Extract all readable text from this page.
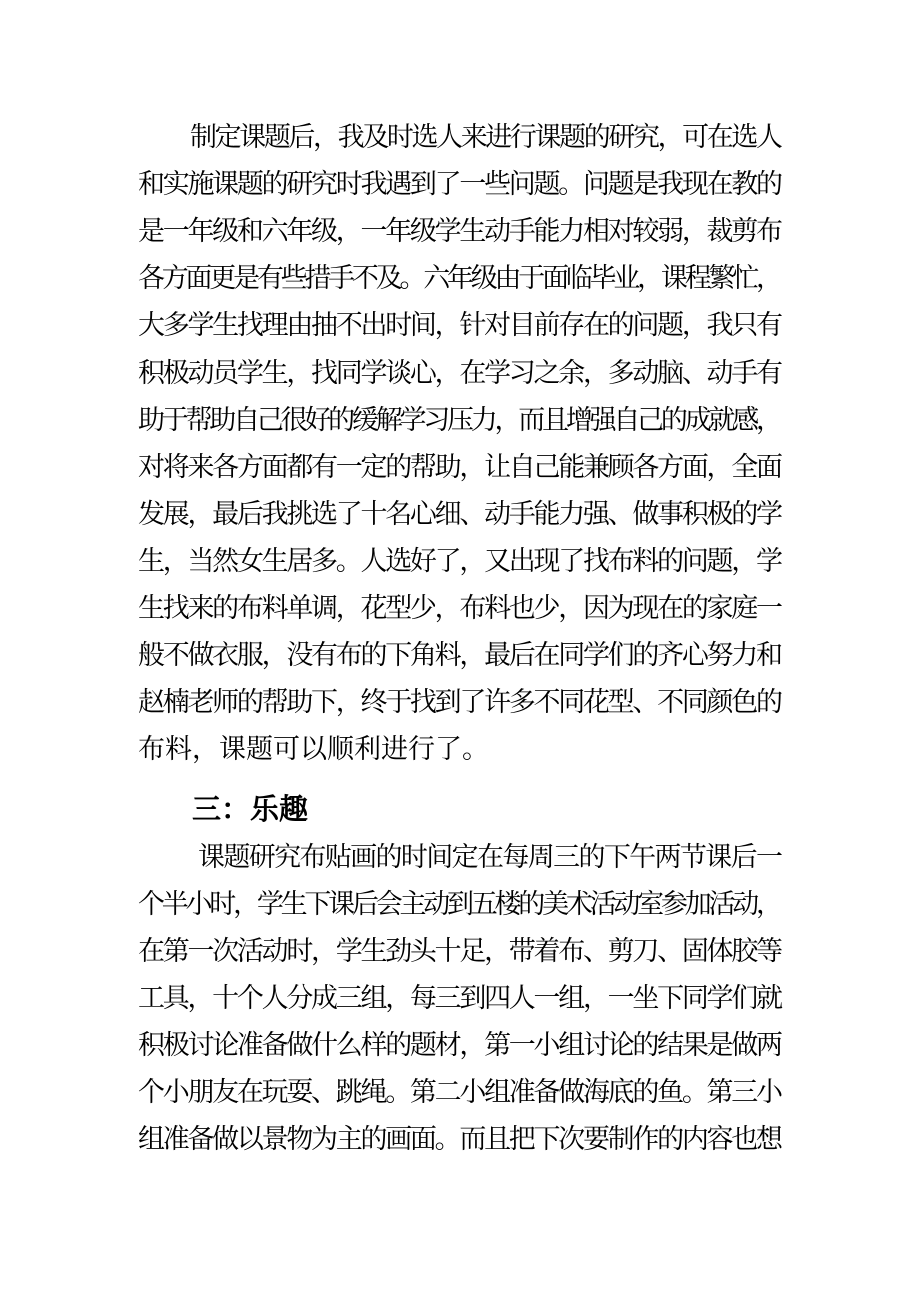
制定课题后，我及时选人来进行课题的研究，可在选人
和实施课题的研究时我遇到了一些问题。问题是我现在教的
是一年级和六年级，一年级学生动手能力相对较弱，裁剪布
各方面更是有些措手不及。六年级由于面临毕业，课程繁忙，
大多学生找理由抽不出时间，针对目前存在的问题，我只有
积极动员学生，找同学谈心，在学习之余，多动脑、动手有
助于帮助自己很好的缓解学习压力，而且增强自己的成就感，
对将来各方面都有一定的帮助，让自己能兼顾各方面，全面
发展，最后我挑选了十名心细、动手能力强、做事积极的学
生，当然女生居多。人选好了，又出现了找布料的问题，学
生找来的布料单调，花型少，布料也少，因为现在的家庭一
般不做衣服，没有布的下角料，最后在同学们的齐心努力和
赵楠老师的帮助下，终于找到了许多不同花型、不同颜色的
布料，课题可以顺利进行了。
三：乐趣
课题研究布贴画的时间定在每周三的下午两节课后一
个半小时，学生下课后会主动到五楼的美术活动室参加活动，
在第一次活动时，学生劲头十足，带着布、剪刀、固体胶等
工具，十个人分成三组，每三到四人一组，一坐下同学们就
积极讨论准备做什么样的题材，第一小组讨论的结果是做两
个小朋友在玩耍、跳绳。第二小组准备做海底的鱼。第三小
组准备做以景物为主的画面。而且把下次要制作的内容也想
